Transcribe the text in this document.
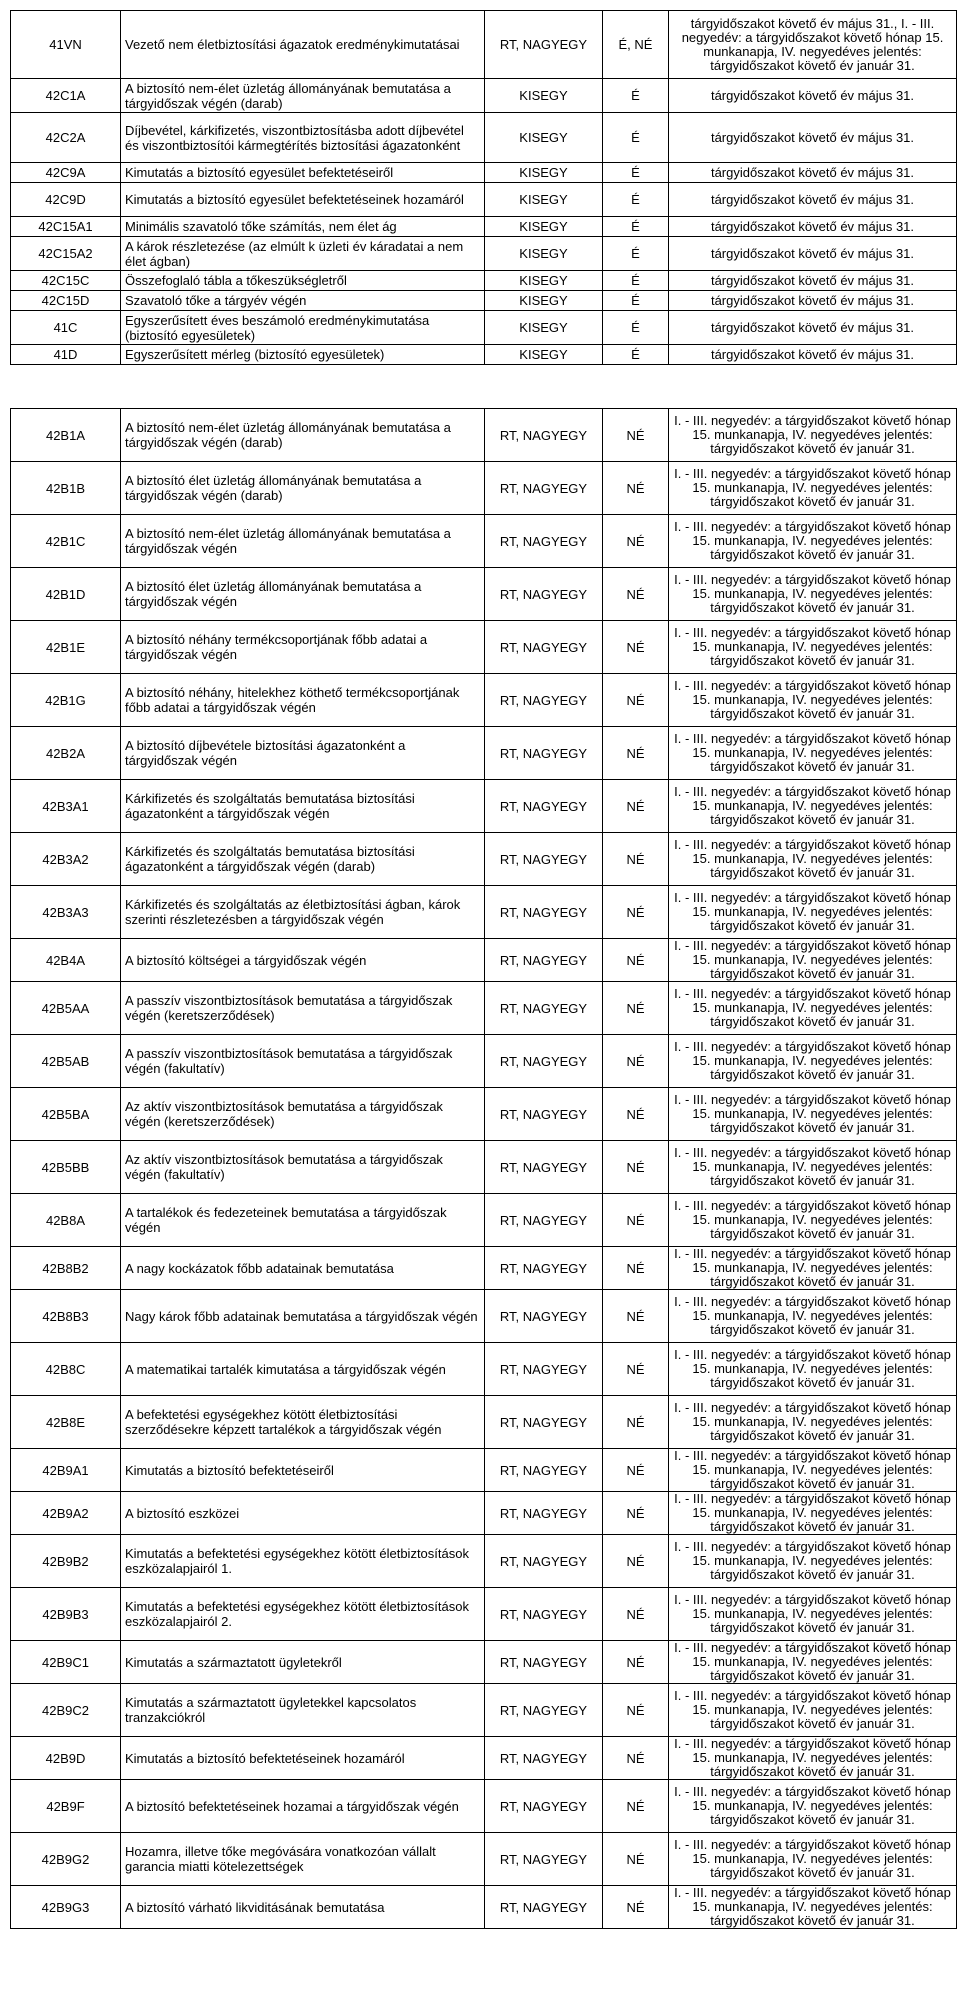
41VN	Vezető nem életbiztosítási ágazatok eredménykimutatásai	RT, NAGYEGY	É, NÉ	tárgyidőszakot követő év május 31., I. - III. negyedév: a tárgyidőszakot követő hónap 15. munkanapja, IV. negyedéves jelentés: tárgyidőszakot követő év január 31.
42C1A	A biztosító nem-élet üzletág állományának bemutatása a tárgyidőszak végén (darab)	KISEGY	É	tárgyidőszakot követő év május 31.
42C2A	Díjbevétel, kárkifizetés, viszontbiztosításba adott díjbevétel és viszontbiztosítói kármegtérítés biztosítási ágazatonként	KISEGY	É	tárgyidőszakot követő év május 31.
42C9A	Kimutatás a biztosító egyesület befektetéseiről	KISEGY	É	tárgyidőszakot követő év május 31.
42C9D	Kimutatás a biztosító egyesület befektetéseinek hozamáról	KISEGY	É	tárgyidőszakot követő év május 31.
42C15A1	Minimális szavatoló tőke számítás, nem élet ág	KISEGY	É	tárgyidőszakot követő év május 31.
42C15A2	A károk részletezése (az elmúlt k üzleti év káradatai a nem élet ágban)	KISEGY	É	tárgyidőszakot követő év május 31.
42C15C	Összefoglaló tábla a tőkeszükségletről	KISEGY	É	tárgyidőszakot követő év május 31.
42C15D	Szavatoló tőke a tárgyév végén	KISEGY	É	tárgyidőszakot követő év május 31.
41C	Egyszerűsített éves beszámoló eredménykimutatása (biztosító egyesületek)	KISEGY	É	tárgyidőszakot követő év május 31.
41D	Egyszerűsített mérleg (biztosító egyesületek)	KISEGY	É	tárgyidőszakot követő év május 31.
42B1A	A biztosító nem-élet üzletág állományának bemutatása a tárgyidőszak végén (darab)	RT, NAGYEGY	NÉ	I. - III. negyedév: a tárgyidőszakot követő hónap 15. munkanapja, IV. negyedéves jelentés: tárgyidőszakot követő év január 31.
42B1B	A biztosító élet üzletág állományának bemutatása a tárgyidőszak végén (darab)	RT, NAGYEGY	NÉ	I. - III. negyedév: a tárgyidőszakot követő hónap 15. munkanapja, IV. negyedéves jelentés: tárgyidőszakot követő év január 31.
42B1C	A biztosító nem-élet üzletág állományának bemutatása a tárgyidőszak végén	RT, NAGYEGY	NÉ	I. - III. negyedév: a tárgyidőszakot követő hónap 15. munkanapja, IV. negyedéves jelentés: tárgyidőszakot követő év január 31.
42B1D	A biztosító élet üzletág állományának bemutatása a tárgyidőszak végén	RT, NAGYEGY	NÉ	I. - III. negyedév: a tárgyidőszakot követő hónap 15. munkanapja, IV. negyedéves jelentés: tárgyidőszakot követő év január 31.
42B1E	A biztosító néhány termékcsoportjának főbb adatai a tárgyidőszak végén	RT, NAGYEGY	NÉ	I. - III. negyedév: a tárgyidőszakot követő hónap 15. munkanapja, IV. negyedéves jelentés: tárgyidőszakot követő év január 31.
42B1G	A biztosító néhány, hitelekhez köthető termékcsoportjának főbb adatai a tárgyidőszak végén	RT, NAGYEGY	NÉ	I. - III. negyedév: a tárgyidőszakot követő hónap 15. munkanapja, IV. negyedéves jelentés: tárgyidőszakot követő év január 31.
42B2A	A biztosító díjbevétele biztosítási ágazatonként a tárgyidőszak végén	RT, NAGYEGY	NÉ	I. - III. negyedév: a tárgyidőszakot követő hónap 15. munkanapja, IV. negyedéves jelentés: tárgyidőszakot követő év január 31.
42B3A1	Kárkifizetés és szolgáltatás bemutatása biztosítási ágazatonként a tárgyidőszak végén	RT, NAGYEGY	NÉ	I. - III. negyedév: a tárgyidőszakot követő hónap 15. munkanapja, IV. negyedéves jelentés: tárgyidőszakot követő év január 31.
42B3A2	Kárkifizetés és szolgáltatás bemutatása biztosítási ágazatonként a tárgyidőszak végén (darab)	RT, NAGYEGY	NÉ	I. - III. negyedév: a tárgyidőszakot követő hónap 15. munkanapja, IV. negyedéves jelentés: tárgyidőszakot követő év január 31.
42B3A3	Kárkifizetés és szolgáltatás az életbiztosítási ágban, károk szerinti részletezésben a tárgyidőszak végén	RT, NAGYEGY	NÉ	I. - III. negyedév: a tárgyidőszakot követő hónap 15. munkanapja, IV. negyedéves jelentés: tárgyidőszakot követő év január 31.
42B4A	A biztosító költségei a tárgyidőszak végén	RT, NAGYEGY	NÉ	I. - III. negyedév: a tárgyidőszakot követő hónap 15. munkanapja, IV. negyedéves jelentés: tárgyidőszakot követő év január 31.
42B5AA	A passzív viszontbiztosítások bemutatása a tárgyidőszak végén (keretszerződések)	RT, NAGYEGY	NÉ	I. - III. negyedév: a tárgyidőszakot követő hónap 15. munkanapja, IV. negyedéves jelentés: tárgyidőszakot követő év január 31.
42B5AB	A passzív viszontbiztosítások bemutatása a tárgyidőszak végén (fakultatív)	RT, NAGYEGY	NÉ	I. - III. negyedév: a tárgyidőszakot követő hónap 15. munkanapja, IV. negyedéves jelentés: tárgyidőszakot követő év január 31.
42B5BA	Az aktív viszontbiztosítások bemutatása a tárgyidőszak végén (keretszerződések)	RT, NAGYEGY	NÉ	I. - III. negyedév: a tárgyidőszakot követő hónap 15. munkanapja, IV. negyedéves jelentés: tárgyidőszakot követő év január 31.
42B5BB	Az aktív viszontbiztosítások bemutatása a tárgyidőszak végén (fakultatív)	RT, NAGYEGY	NÉ	I. - III. negyedév: a tárgyidőszakot követő hónap 15. munkanapja, IV. negyedéves jelentés: tárgyidőszakot követő év január 31.
42B8A	A tartalékok és fedezeteinek bemutatása a tárgyidőszak végén	RT, NAGYEGY	NÉ	I. - III. negyedév: a tárgyidőszakot követő hónap 15. munkanapja, IV. negyedéves jelentés: tárgyidőszakot követő év január 31.
42B8B2	A nagy kockázatok főbb adatainak bemutatása	RT, NAGYEGY	NÉ	I. - III. negyedév: a tárgyidőszakot követő hónap 15. munkanapja, IV. negyedéves jelentés: tárgyidőszakot követő év január 31.
42B8B3	Nagy károk főbb adatainak bemutatása a tárgyidőszak végén	RT, NAGYEGY	NÉ	I. - III. negyedév: a tárgyidőszakot követő hónap 15. munkanapja, IV. negyedéves jelentés: tárgyidőszakot követő év január 31.
42B8C	A matematikai tartalék kimutatása a tárgyidőszak végén	RT, NAGYEGY	NÉ	I. - III. negyedév: a tárgyidőszakot követő hónap 15. munkanapja, IV. negyedéves jelentés: tárgyidőszakot követő év január 31.
42B8E	A befektetési egységekhez kötött életbiztosítási szerződésekre képzett tartalékok a tárgyidőszak végén	RT, NAGYEGY	NÉ	I. - III. negyedév: a tárgyidőszakot követő hónap 15. munkanapja, IV. negyedéves jelentés: tárgyidőszakot követő év január 31.
42B9A1	Kimutatás a biztosító befektetéseiről	RT, NAGYEGY	NÉ	I. - III. negyedév: a tárgyidőszakot követő hónap 15. munkanapja, IV. negyedéves jelentés: tárgyidőszakot követő év január 31.
42B9A2	A biztosító eszközei	RT, NAGYEGY	NÉ	I. - III. negyedév: a tárgyidőszakot követő hónap 15. munkanapja, IV. negyedéves jelentés: tárgyidőszakot követő év január 31.
42B9B2	Kimutatás a befektetési egységekhez kötött életbiztosítások eszközalapjairól 1.	RT, NAGYEGY	NÉ	I. - III. negyedév: a tárgyidőszakot követő hónap 15. munkanapja, IV. negyedéves jelentés: tárgyidőszakot követő év január 31.
42B9B3	Kimutatás a befektetési egységekhez kötött életbiztosítások eszközalapjairól 2.	RT, NAGYEGY	NÉ	I. - III. negyedév: a tárgyidőszakot követő hónap 15. munkanapja, IV. negyedéves jelentés: tárgyidőszakot követő év január 31.
42B9C1	Kimutatás a származtatott ügyletekről	RT, NAGYEGY	NÉ	I. - III. negyedév: a tárgyidőszakot követő hónap 15. munkanapja, IV. negyedéves jelentés: tárgyidőszakot követő év január 31.
42B9C2	Kimutatás a származtatott ügyletekkel kapcsolatos tranzakciókról	RT, NAGYEGY	NÉ	I. - III. negyedév: a tárgyidőszakot követő hónap 15. munkanapja, IV. negyedéves jelentés: tárgyidőszakot követő év január 31.
42B9D	Kimutatás a biztosító befektetéseinek hozamáról	RT, NAGYEGY	NÉ	I. - III. negyedév: a tárgyidőszakot követő hónap 15. munkanapja, IV. negyedéves jelentés: tárgyidőszakot követő év január 31.
42B9F	A biztosító befektetéseinek hozamai a tárgyidőszak végén	RT, NAGYEGY	NÉ	I. - III. negyedév: a tárgyidőszakot követő hónap 15. munkanapja, IV. negyedéves jelentés: tárgyidőszakot követő év január 31.
42B9G2	Hozamra, illetve tőke megóvására vonatkozóan vállalt garancia miatti kötelezettségek	RT, NAGYEGY	NÉ	I. - III. negyedév: a tárgyidőszakot követő hónap 15. munkanapja, IV. negyedéves jelentés: tárgyidőszakot követő év január 31.
42B9G3	A biztosító várható likviditásának bemutatása	RT, NAGYEGY	NÉ	I. - III. negyedév: a tárgyidőszakot követő hónap 15. munkanapja, IV. negyedéves jelentés: tárgyidőszakot követő év január 31.
